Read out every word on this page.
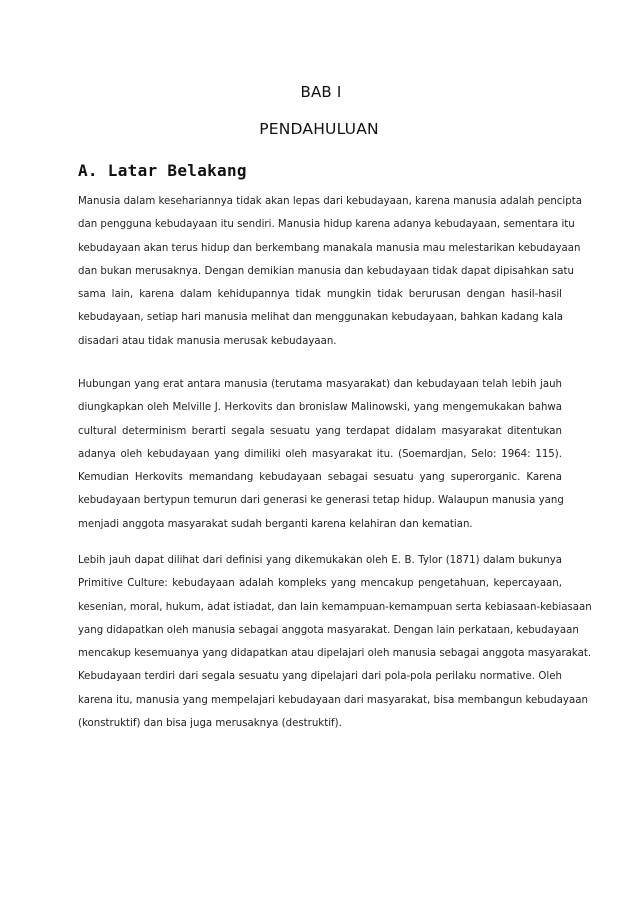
BAB I
PENDAHULUAN
A. Latar Belakang
Manusia dalam kesehariannya tidak akan lepas dari kebudayaan, karena manusia adalah pencipta
dan pengguna kebudayaan itu sendiri. Manusia hidup karena adanya kebudayaan, sementara itu
kebudayaan akan terus hidup dan berkembang manakala manusia mau melestarikan kebudayaan
dan bukan merusaknya. Dengan demikian manusia dan kebudayaan tidak dapat dipisahkan satu
sama lain, karena dalam kehidupannya tidak mungkin tidak berurusan dengan hasil-hasil
kebudayaan, setiap hari manusia melihat dan menggunakan kebudayaan, bahkan kadang kala
disadari atau tidak manusia merusak kebudayaan.
Hubungan yang erat antara manusia (terutama masyarakat) dan kebudayaan telah lebih jauh
diungkapkan oleh Melville J. Herkovits dan bronislaw Malinowski, yang mengemukakan bahwa
cultural determinism berarti segala sesuatu yang terdapat didalam masyarakat ditentukan
adanya oleh kebudayaan yang dimiliki oleh masyarakat itu. (Soemardjan, Selo: 1964: 115).
Kemudian Herkovits memandang kebudayaan sebagai sesuatu yang superorganic. Karena
kebudayaan bertурun temurun dari generasi ke generasi tetap hidup. Walaupun manusia yang
menjadi anggota masyarakat sudah berganti karena kelahiran dan kematian.
Lebih jauh dapat dilihat dari definisi yang dikemukakan oleh E. B. Tylor (1871) dalam bukunya
Primitive Culture: kebudayaan adalah kompleks yang mencakup pengetahuan, kepercayaan,
kesenian, moral, hukum, adat istiadat, dan lain kemampuan-kemampuan serta kebiasaan-kebiasaan
yang didapatkan oleh manusia sebagai anggota masyarakat. Dengan lain perkataan, kebudayaan
mencakup kesemuanya yang didapatkan atau dipelajari oleh manusia sebagai anggota masyarakat.
Kebudayaan terdiri dari segala sesuatu yang dipelajari dari pola-pola perilaku normative. Oleh
karena itu, manusia yang mempelajari kebudayaan dari masyarakat, bisa membangun kebudayaan
(konstruktif) dan bisa juga merusaknya (destruktif).
